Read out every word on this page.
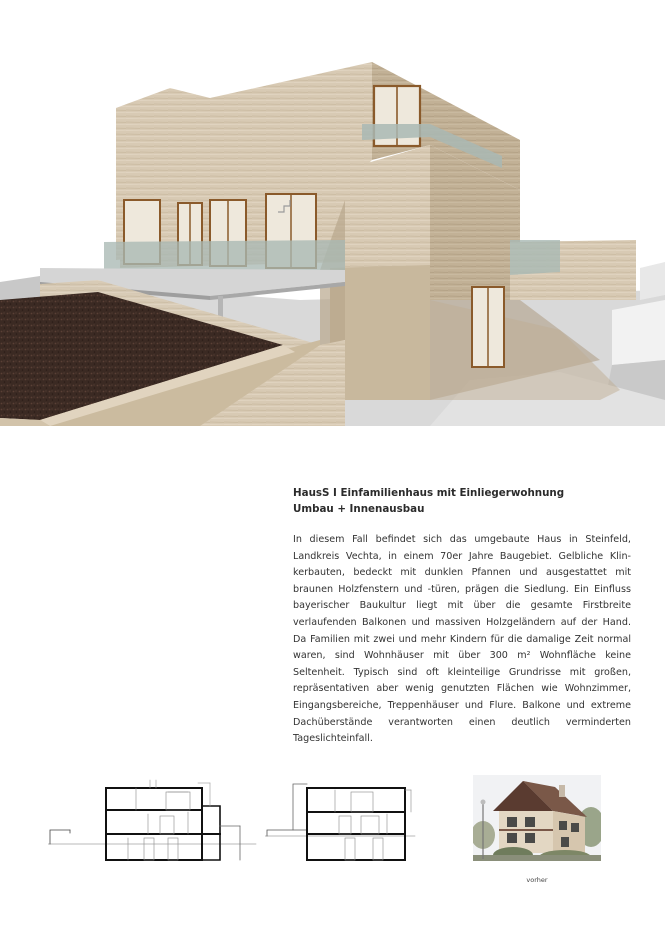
HausS I Einfamilienhaus mit Einliegerwohnung
Umbau + Innenausbau

In diesem Fall befindet sich das umgebaute Haus in Steinfeld, Landkreis Vechta, in einem 70er Jahre Baugebiet. Gelbliche Klinkerbauten, bedeckt mit dunklen Pfannen und ausgestattet mit braunen Holzfenstern und -türen, prägen die Siedlung. Ein Einfluss bayerischer Baukultur liegt mit über die gesamte Firstbreite verlaufenden Balkonen und massiven Holzgeländern auf der Hand. Da Familien mit zwei und mehr Kindern für die damalige Zeit normal waren, sind Wohnhäuser mit über 300 m² Wohnfläche keine Seltenheit. Typisch sind oft kleinteilige Grundrisse mit großen, repräsentativen aber wenig genutzten Flächen wie Wohnzimmer, Eingangsbereiche, Treppenhäuser und Flure. Balkone und extreme Dachüberstände verantworten einen deutlich verminderten Tageslichteinfall.

vorher
